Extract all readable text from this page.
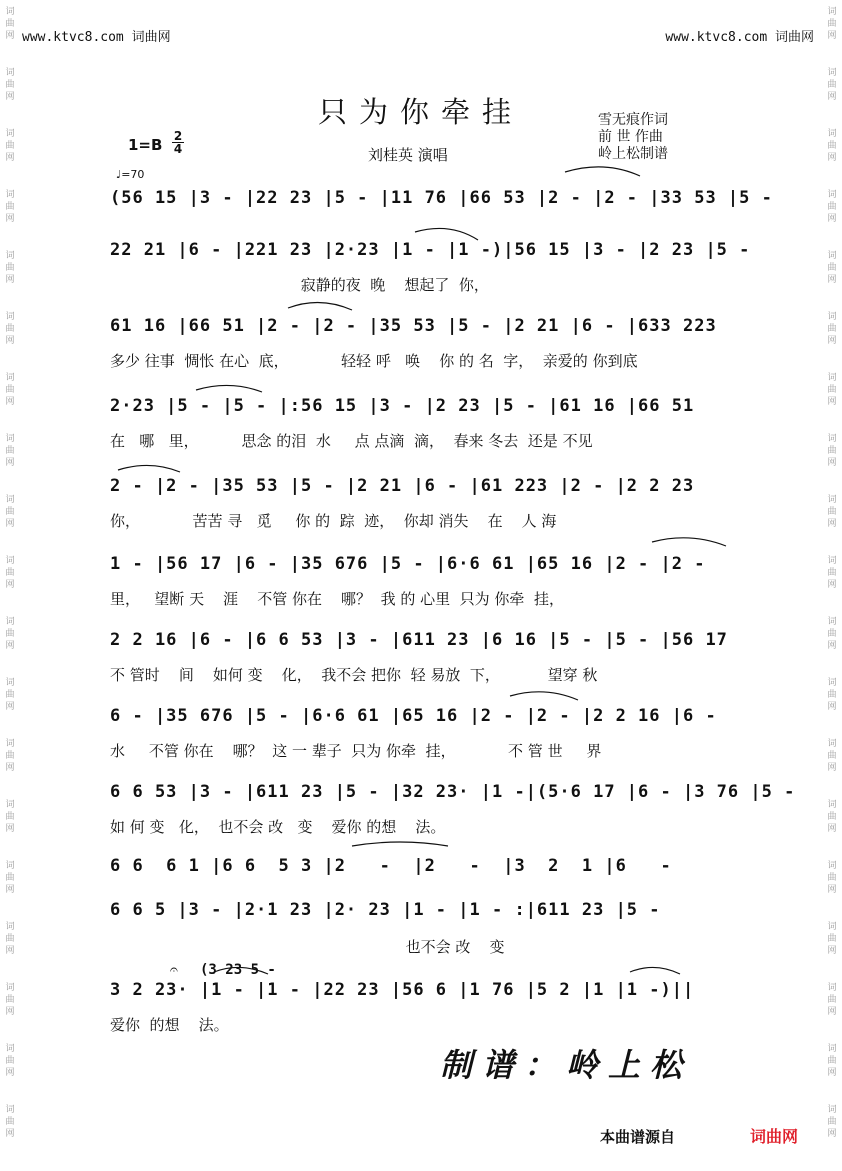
词
曲
网
词
曲
网
词
曲
网
词
曲
网
词
曲
网
词
曲
网
词
曲
网
词
曲
网
词
曲
网
词
曲
网
词
曲
网
词
曲
网
词
曲
网
词
曲
网
词
曲
网
词
曲
网
词
曲
网
词
曲
网
词
曲
网
词
曲
网
词
曲
网
词
曲
网
词
曲
网
词
曲
网
词
曲
网
词
曲
网
词
曲
网
词
曲
网
词
曲
网
词
曲
网
词
曲
网
词
曲
网
词
曲
网
词
曲
网
词
曲
网
词
曲
网
词
曲
网
词
曲
网
www.ktvc8.com 词曲网	www.ktvc8.com 词曲网
只为你牵挂
$1=B \frac{2}{4}$	刘桂英 演唱
雪无痕作词
前 世 作曲
岭上松制谱
♩=70
(56 15 |3 - |22 23 |5 - |11 76 |66 53 |2 - |2 - |33 53 |5 -
22 21 |6 - |221 23 |2·23 |1 - |1 -)|56 15 |3 - |2 23 |5 -
寂静的夜  晚    想起了  你，
61 16 |66 51 |2 - |2 - |35 53 |5 - |2 21 |6 - |633 223
多少 往事  惆怅 在心  底，           轻轻 呼   唤    你 的 名  字，  亲爱的 你到底
2·23 |5 - |5 - |:56 15 |3 - |2 23 |5 - |61 16 |66 51
在   哪   里，         思念 的泪  水     点 点滴  滴，  春来 冬去  还是 不见
2 - |2 - |35 53 |5 - |2 21 |6 - |61 223 |2 - |2 2 23
你，           苦苦 寻   觅     你 的  踪  迹，  你却 消失    在    人 海
1 - |56 17 |6 - |35 676 |5 - |6·6 61 |65 16 |2 - |2 -
里，   望断 天    涯    不管 你在    哪？  我 的 心里  只为 你牵  挂，
2 2 16 |6 - |6 6 53 |3 - |611 23 |6 16 |5 - |5 - |56 17
不 管时    间    如何 变    化，  我不会 把你  轻 易放  下，          望穿 秋
6 - |35 676 |5 - |6·6 61 |65 16 |2 - |2 - |2 2 16 |6 -
水     不管 你在    哪？  这 一 辈子  只为 你牵  挂，           不 管 世     界
6 6 53 |3 - |611 23 |5 - |32 23· |1 -|(5·6 17 |6 - |3 76 |5 -
如 何 变   化，  也不会 改   变    爱你 的想    法。
6 6  6 1 |6 6  5 3 |2   -  |2   -  |3  2  1 |6   -
6 6 5 |3 - |2·1 23 |2· 23 |1 - |1 - :|611 23 |5 -
也不会 改    变
3 2 23· |1 - |1 - |22 23 |56 6 |1 76 |5 2 |1 |1 -)||
爱你  的想    法。
(3 23 5 -
𝄐
制谱：岭上松
本曲谱源自	词曲网
